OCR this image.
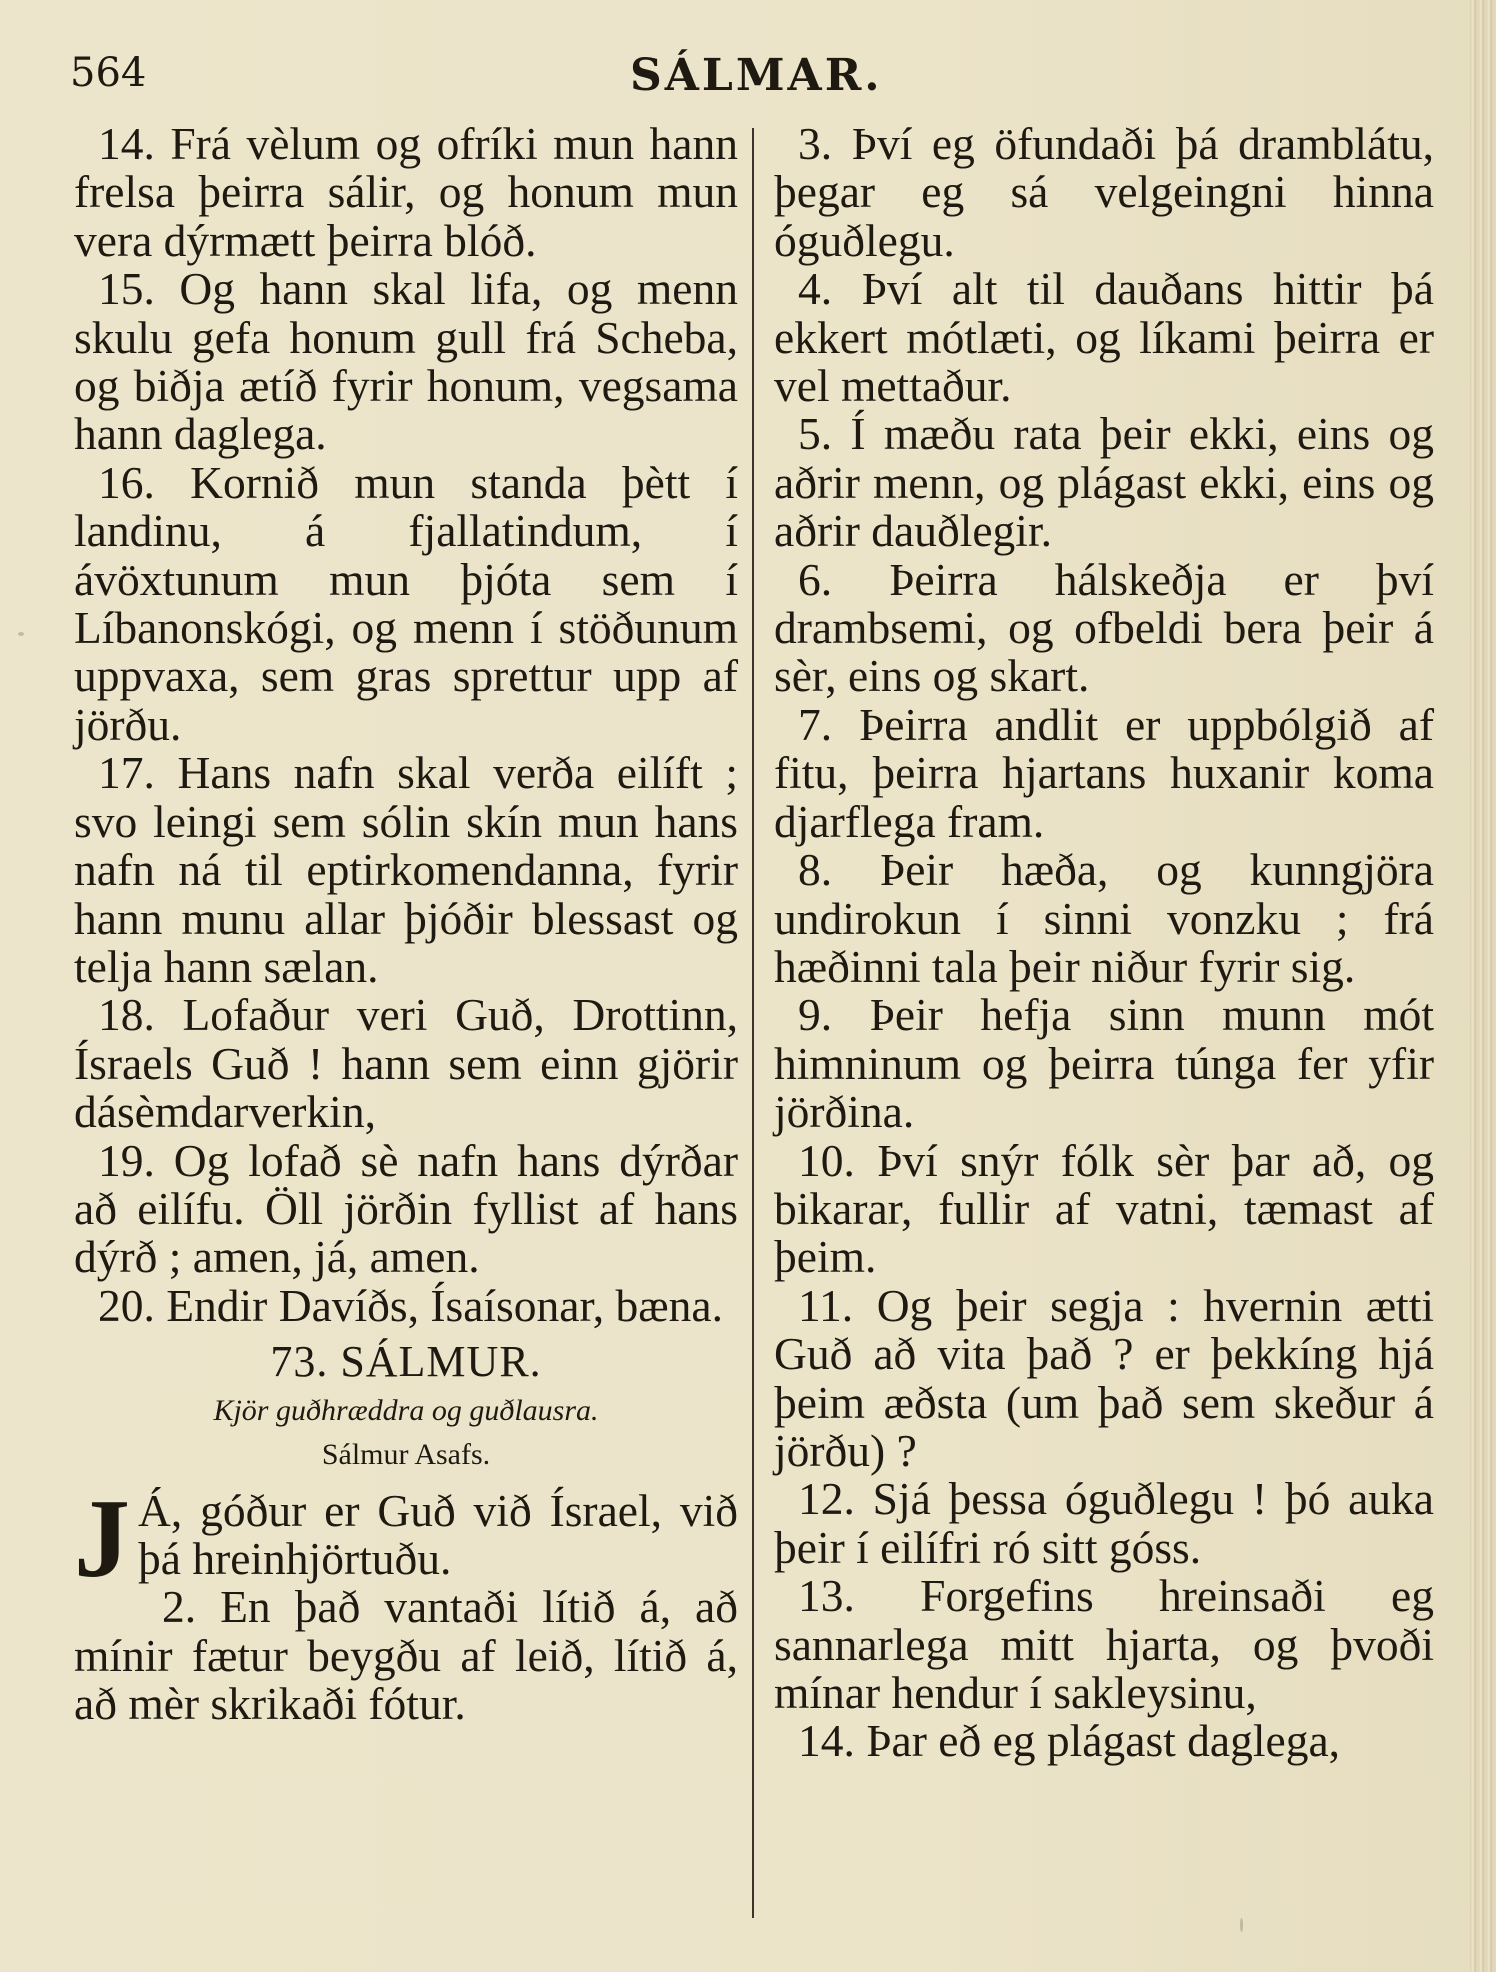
564	SÁLMAR.

14. Frá vèlum og ofríki mun hann frelsa þeirra sálir, og honum mun vera dýrmætt þeirra blóð.

15. Og hann skal lifa, og menn skulu gefa honum gull frá Scheba, og biðja ætíð fyrir honum, vegsama hann daglega.

16. Kornið mun standa þètt í landinu, á fjallatindum, í ávöxtunum mun þjóta sem í Líbanonskógi, og menn í stöðunum uppvaxa, sem gras sprettur upp af jörðu.

17. Hans nafn skal verða eilíft ; svo leingi sem sólin skín mun hans nafn ná til eptirkomendanna, fyrir hann munu allar þjóðir blessast og telja hann sælan.

18. Lofaður veri Guð, Drottinn, Ísraels Guð ! hann sem einn gjörir dásèmdarverkin,

19. Og lofað sè nafn hans dýrðar að eilífu. Öll jörðin fyllist af hans dýrð ; amen, já, amen.

20. Endir Davíðs, Ísaísonar, bæna.

73. SÁLMUR.
Kjör guðhræddra og guðlausra.
Sálmur Asafs.

J Á, góður er Guð við Ísrael, við þá hreinhjörtuðu.

2. En það vantaði lítið á, að mínir fætur beygðu af leið, lítið á, að mèr skrikaði fótur.

3. Því eg öfundaði þá dramblátu, þegar eg sá velgeingni hinna óguðlegu.

4. Því alt til dauðans hittir þá ekkert mótlæti, og líkami þeirra er vel mettaður.

5. Í mæðu rata þeir ekki, eins og aðrir menn, og plágast ekki, eins og aðrir dauðlegir.

6. Þeirra hálskeðja er því drambsemi, og ofbeldi bera þeir á sèr, eins og skart.

7. Þeirra andlit er uppbólgið af fitu, þeirra hjartans huxanir koma djarflega fram.

8. Þeir hæða, og kunngjöra undirokun í sinni vonzku ; frá hæðinni tala þeir niður fyrir sig.

9. Þeir hefja sinn munn mót himninum og þeirra túnga fer yfir jörðina.

10. Því snýr fólk sèr þar að, og bikarar, fullir af vatni, tæmast af þeim.

11. Og þeir segja : hvernin ætti Guð að vita það ? er þekkíng hjá þeim æðsta (um það sem skeður á jörðu) ?

12. Sjá þessa óguðlegu ! þó auka þeir í eilífri ró sitt góss.

13. Forgefins hreinsaði eg sannarlega mitt hjarta, og þvoði mínar hendur í sakleysinu,

14. Þar eð eg plágast daglega,
